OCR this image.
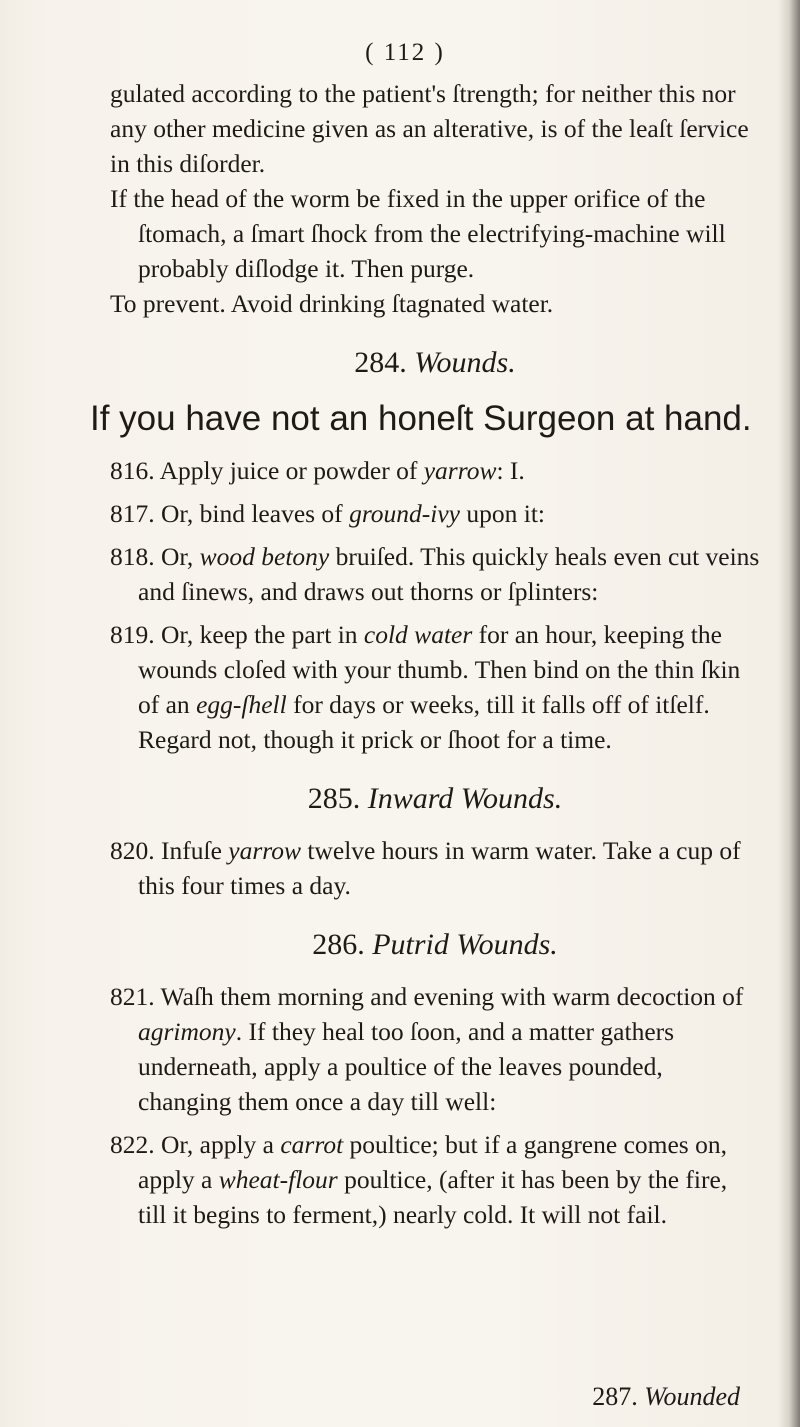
( 112 )

gulated according to the patient's ſtrength; for neither this nor any other medicine given as an alterative, is of the leaſt ſervice in this diſorder.

If the head of the worm be fixed in the upper orifice of the ſtomach, a ſmart ſhock from the electrifying-machine will probably diſlodge it. Then purge.

To prevent. Avoid drinking ſtagnated water.

284. Wounds.
If you have not an honeſt Surgeon at hand.

816. Apply juice or powder of yarrow: I.

817. Or, bind leaves of ground-ivy upon it:

818. Or, wood betony bruiſed. This quickly heals even cut veins and ſinews, and draws out thorns or ſplinters:

819. Or, keep the part in cold water for an hour, keeping the wounds cloſed with your thumb. Then bind on the thin ſkin of an egg-ſhell for days or weeks, till it falls off of itſelf. Regard not, though it prick or ſhoot for a time.

285. Inward Wounds.

820. Infuſe yarrow twelve hours in warm water. Take a cup of this four times a day.

286. Putrid Wounds.

821. Waſh them morning and evening with warm decoction of agrimony. If they heal too ſoon, and a matter gathers underneath, apply a poultice of the leaves pounded, changing them once a day till well:

822. Or, apply a carrot poultice; but if a gangrene comes on, apply a wheat-flour poultice, (after it has been by the fire, till it begins to ferment,) nearly cold. It will not fail.

287. Wounded
